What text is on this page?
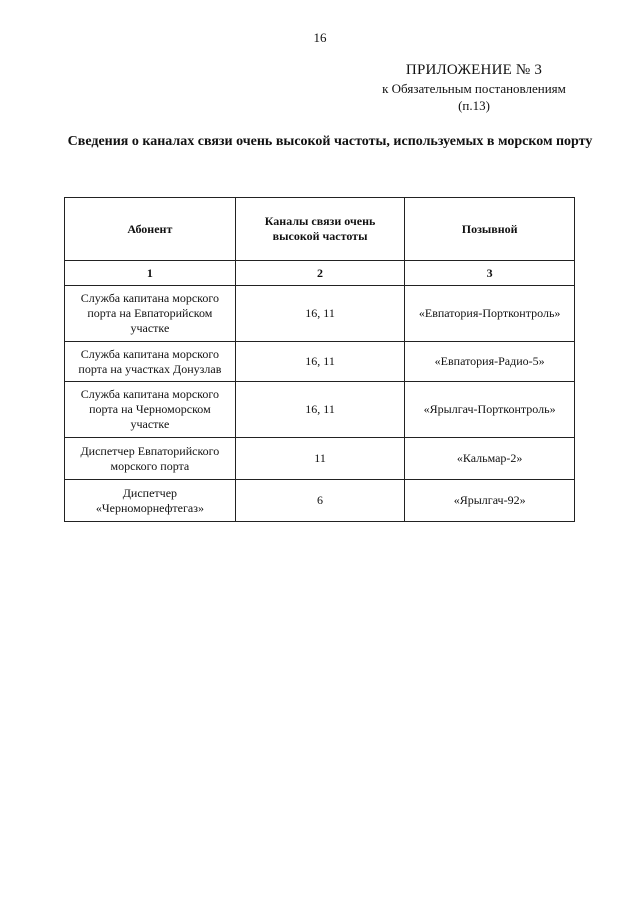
16
ПРИЛОЖЕНИЕ № 3
к Обязательным постановлениям
(п.13)
Сведения о каналах связи очень высокой частоты, используемых в морском порту
Абонент	Каналы связи очень высокой частоты	Позывной
1	2	3
Служба капитана морского порта на Евпаторийском участке	16, 11	«Евпатория-Портконтроль»
Служба капитана морского порта на участках Донузлав	16, 11	«Евпатория-Радио-5»
Служба капитана морского порта на Черноморском участке	16, 11	«Ярылгач-Портконтроль»
Диспетчер Евпаторийского морского порта	11	«Кальмар-2»
Диспетчер «Черноморнефтегаз»	6	«Ярылгач-92»
